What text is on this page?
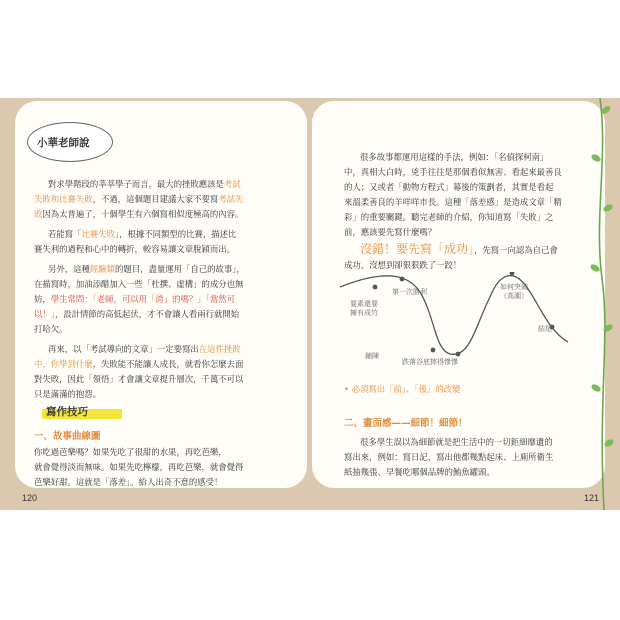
小華老師說
對求學階段的莘莘學子而言，最大的挫敗應該是考試
失敗和比賽失敗，不過，這個題目建議大家不要寫考試失
敗因為太普遍了，十個學生有六個寫相似度極高的內容。
若能寫「比賽失敗」，根據不同類型的比賽，描述比
賽失利的過程和心中的轉折，較容易讓文章脫穎而出。
另外，這種經驗類的題目，盡量運用「自己的故事」，
在描寫時，加油添醋加入一些「杜撰、虛構」的成分也無
妨，學生常問：「老師，可以用「誇」的嗎？」「當然可
以！」，設計情節的高低起伏，才不會讓人看兩行就開始
打哈欠。
再來，以「考試導向的文章」一定要寫出在這件挫敗
中，你學到什麼，失敗能不能讓人成長，就看你怎麼去面
對失敗，因此「領悟」才會讓文章提升層次，千萬不可以
只是滿滿的抱怨。
寫作技巧
一、故事曲線圖
你吃過芭樂嗎？如果先吃了很甜的水果，再吃芭樂，
就會覺得淡而無味。如果先吃檸檬，再吃芭樂，就會覺得
芭樂好甜。這就是「落差」。給人出奇不意的感受！
120
很多故事都運用這樣的手法，例如：「名偵探柯南」
中，真相大白時，兇手往往是那個看似無害、看起來最善良
的人；又或者「動物方程式」幕後的策劃者，其實是看起
來溫柔善良的羊咩咩市長。這種「落差感」是造成文章「精
彩」的重要關鍵。聽完老師的介紹，你知道寫「失敗」之
前，應該要先寫什麼嗎？
沒錯！要先寫「成功」，先寫一向認為自己會
成功，沒想到卻狠狠跌了一跤！
第一次勝利
要素還要
擁有成竹
鋪陳
跌落谷底摔得慘慘
如何突破
（高潮）
結尾
• 必須寫出「前」、「後」的改變
二、畫面感——細節！細節！
很多學生誤以為細節就是把生活中的一切鉅細靡遺的
寫出來，例如：寫日記，寫出他都幾點起床、上廁所衛生
紙抽幾張、早餐吃哪個品牌的鮪魚罐頭。
121
